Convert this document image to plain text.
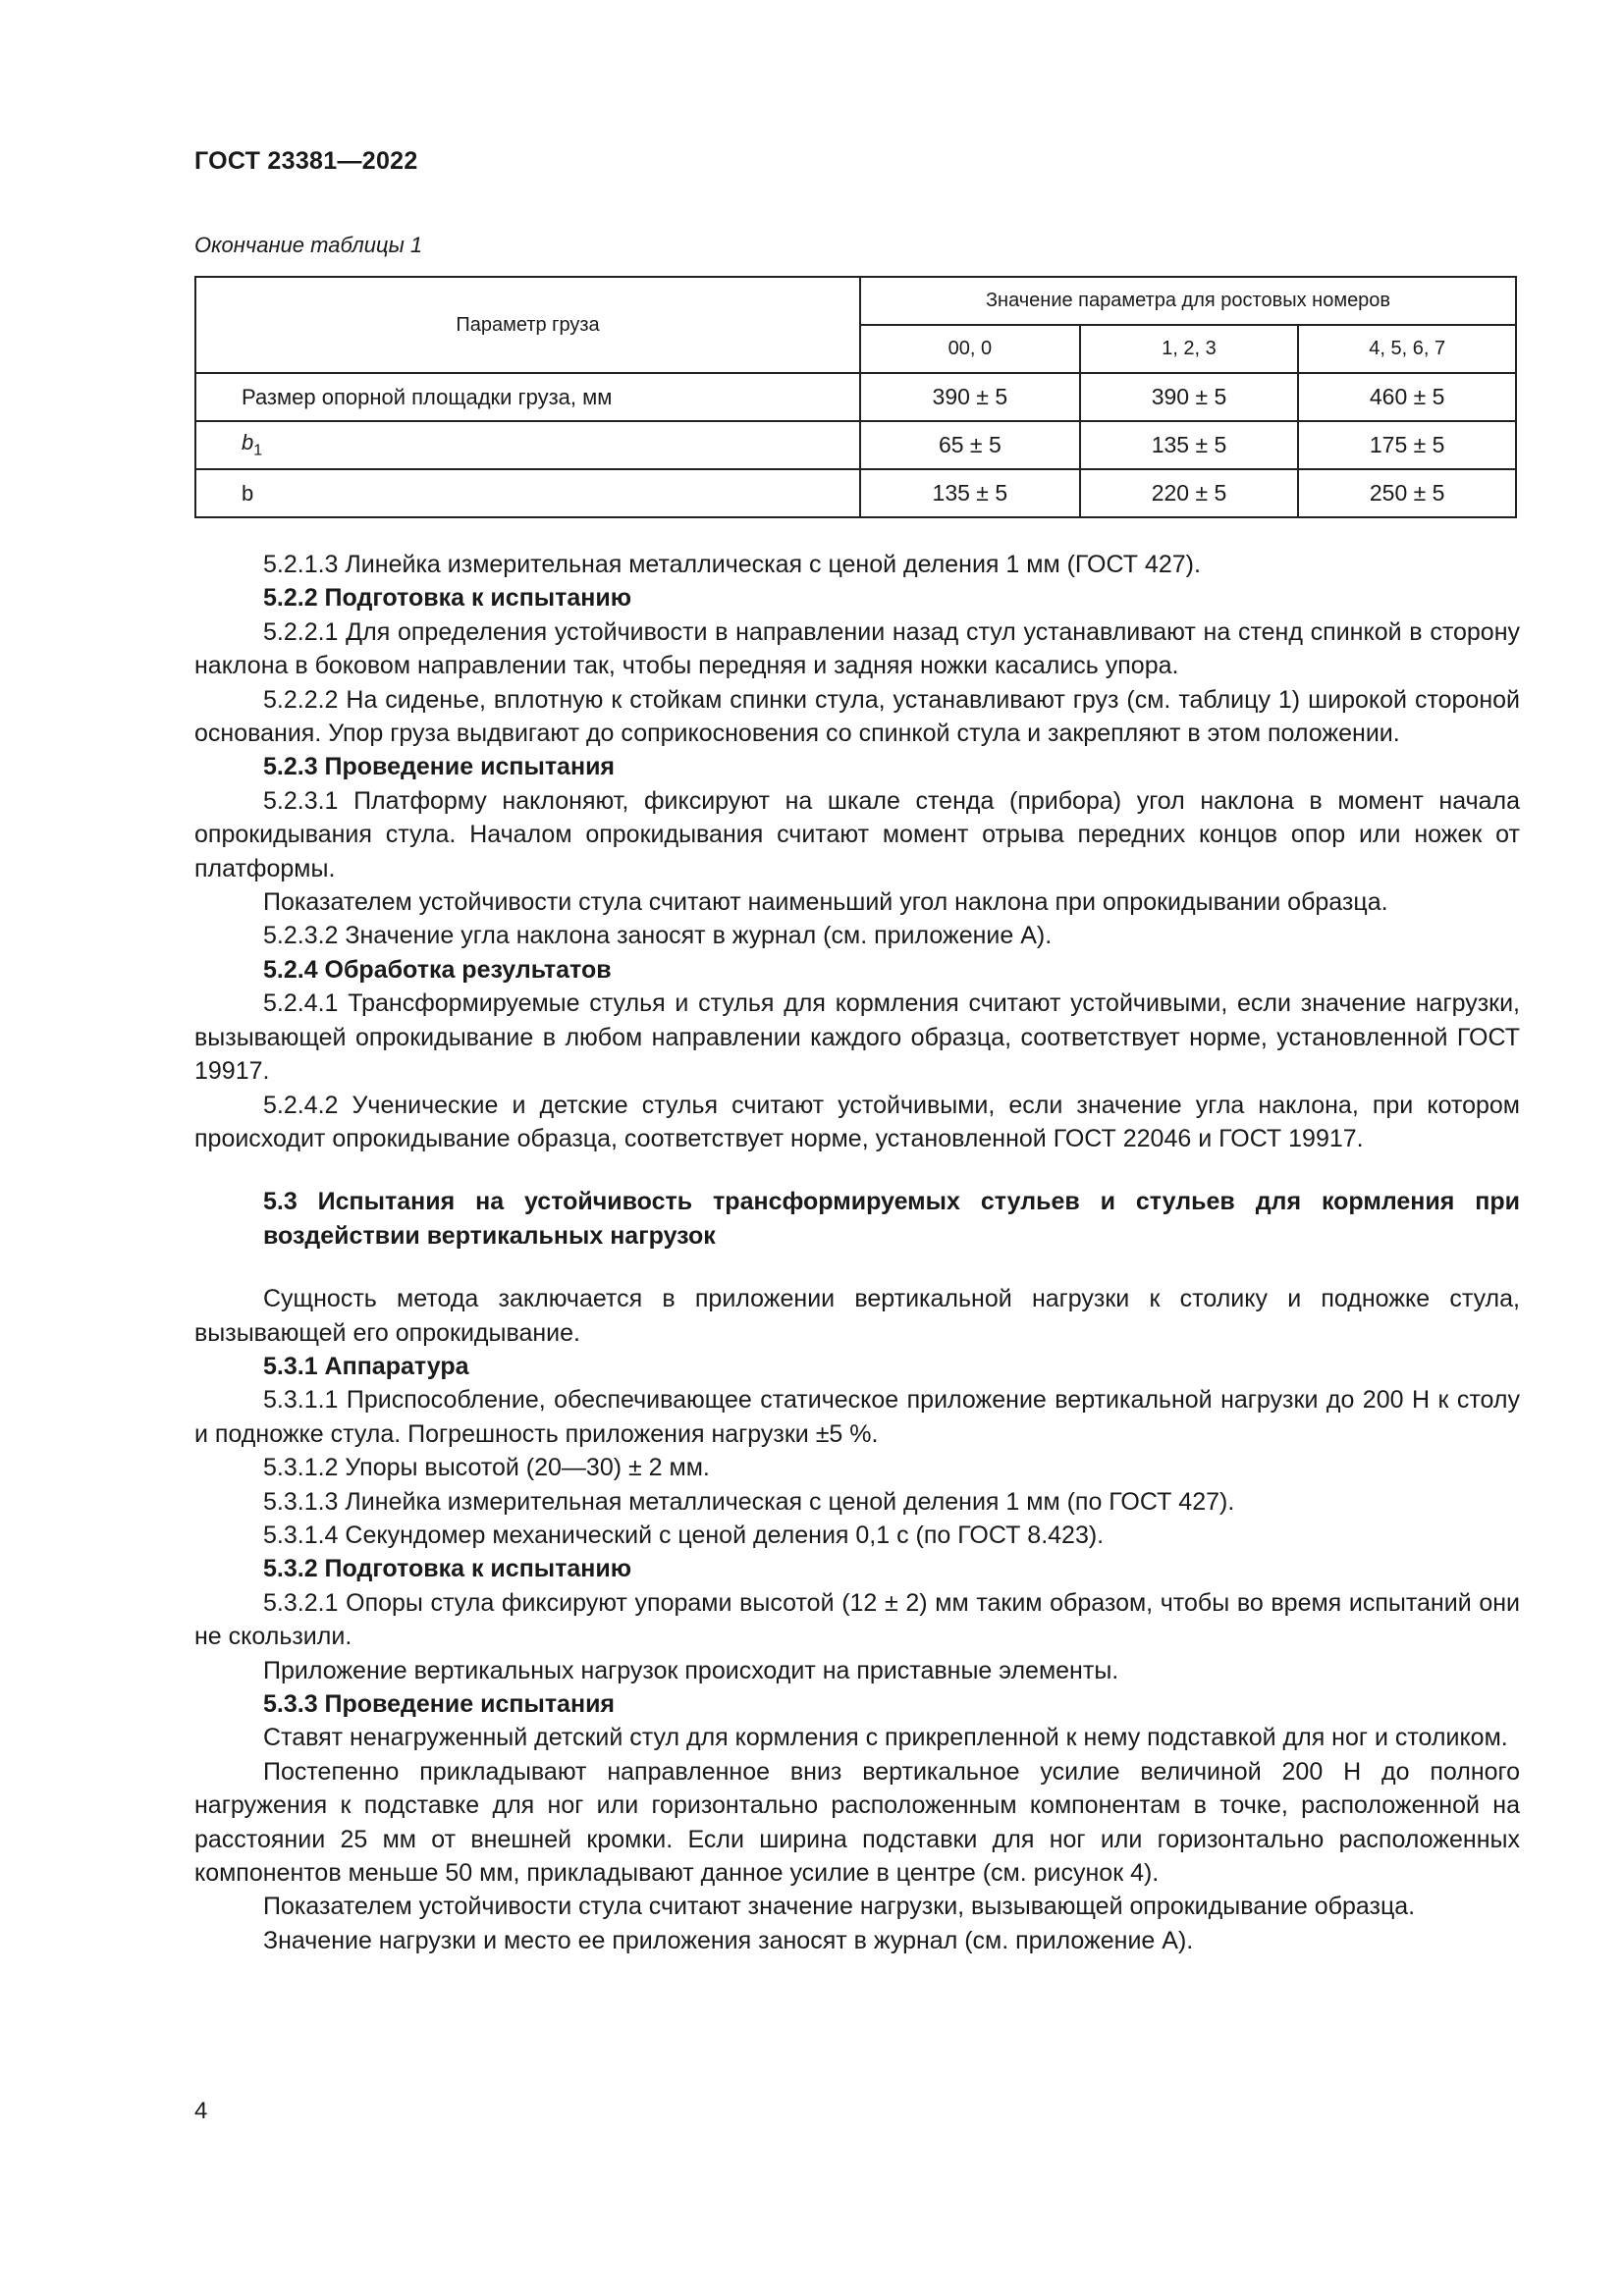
ГОСТ 23381—2022
Окончание таблицы 1
Параметр груза	Значение параметра для ростовых номеров		
	00, 0	1, 2, 3	4, 5, 6, 7
Размер опорной площадки груза, мм	390 ± 5	390 ± 5	460 ± 5
$b_1$	65 ± 5	135 ± 5	175 ± 5
b	135 ± 5	220 ± 5	250 ± 5

5.2.1.3 Линейка измерительная металлическая с ценой деления 1 мм (ГОСТ 427).

5.2.2 Подготовка к испытанию

5.2.2.1 Для определения устойчивости в направлении назад стул устанавливают на стенд спинкой в сторону наклона в боковом направлении так, чтобы передняя и задняя ножки касались упора.

5.2.2.2 На сиденье, вплотную к стойкам спинки стула, устанавливают груз (см. таблицу 1) широкой стороной основания. Упор груза выдвигают до соприкосновения со спинкой стула и закрепляют в этом положении.

5.2.3 Проведение испытания

5.2.3.1 Платформу наклоняют, фиксируют на шкале стенда (прибора) угол наклона в момент начала опрокидывания стула. Началом опрокидывания считают момент отрыва передних концов опор или ножек от платформы.

Показателем устойчивости стула считают наименьший угол наклона при опрокидывании образца.

5.2.3.2 Значение угла наклона заносят в журнал (см. приложение А).

5.2.4 Обработка результатов

5.2.4.1 Трансформируемые стулья и стулья для кормления считают устойчивыми, если значение нагрузки, вызывающей опрокидывание в любом направлении каждого образца, соответствует норме, установленной ГОСТ 19917.

5.2.4.2 Ученические и детские стулья считают устойчивыми, если значение угла наклона, при котором происходит опрокидывание образца, соответствует норме, установленной ГОСТ 22046 и ГОСТ 19917.

5.3 Испытания на устойчивость трансформируемых стульев и стульев для кормления при воздействии вертикальных нагрузок

Сущность метода заключается в приложении вертикальной нагрузки к столику и подножке стула, вызывающей его опрокидывание.

5.3.1 Аппаратура

5.3.1.1 Приспособление, обеспечивающее статическое приложение вертикальной нагрузки до 200 Н к столу и подножке стула. Погрешность приложения нагрузки ±5 %.

5.3.1.2 Упоры высотой (20—30) ± 2 мм.

5.3.1.3 Линейка измерительная металлическая с ценой деления 1 мм (по ГОСТ 427).

5.3.1.4 Секундомер механический с ценой деления 0,1 с (по ГОСТ 8.423).

5.3.2 Подготовка к испытанию

5.3.2.1 Опоры стула фиксируют упорами высотой (12 ± 2) мм таким образом, чтобы во время испытаний они не скользили.

Приложение вертикальных нагрузок происходит на приставные элементы.

5.3.3 Проведение испытания

Ставят ненагруженный детский стул для кормления с прикрепленной к нему подставкой для ног и столиком.

Постепенно прикладывают направленное вниз вертикальное усилие величиной 200 Н до полного нагружения к подставке для ног или горизонтально расположенным компонентам в точке, расположенной на расстоянии 25 мм от внешней кромки. Если ширина подставки для ног или горизонтально расположенных компонентов меньше 50 мм, прикладывают данное усилие в центре (см. рисунок 4).

Показателем устойчивости стула считают значение нагрузки, вызывающей опрокидывание образца.

Значение нагрузки и место ее приложения заносят в журнал (см. приложение А).

4
